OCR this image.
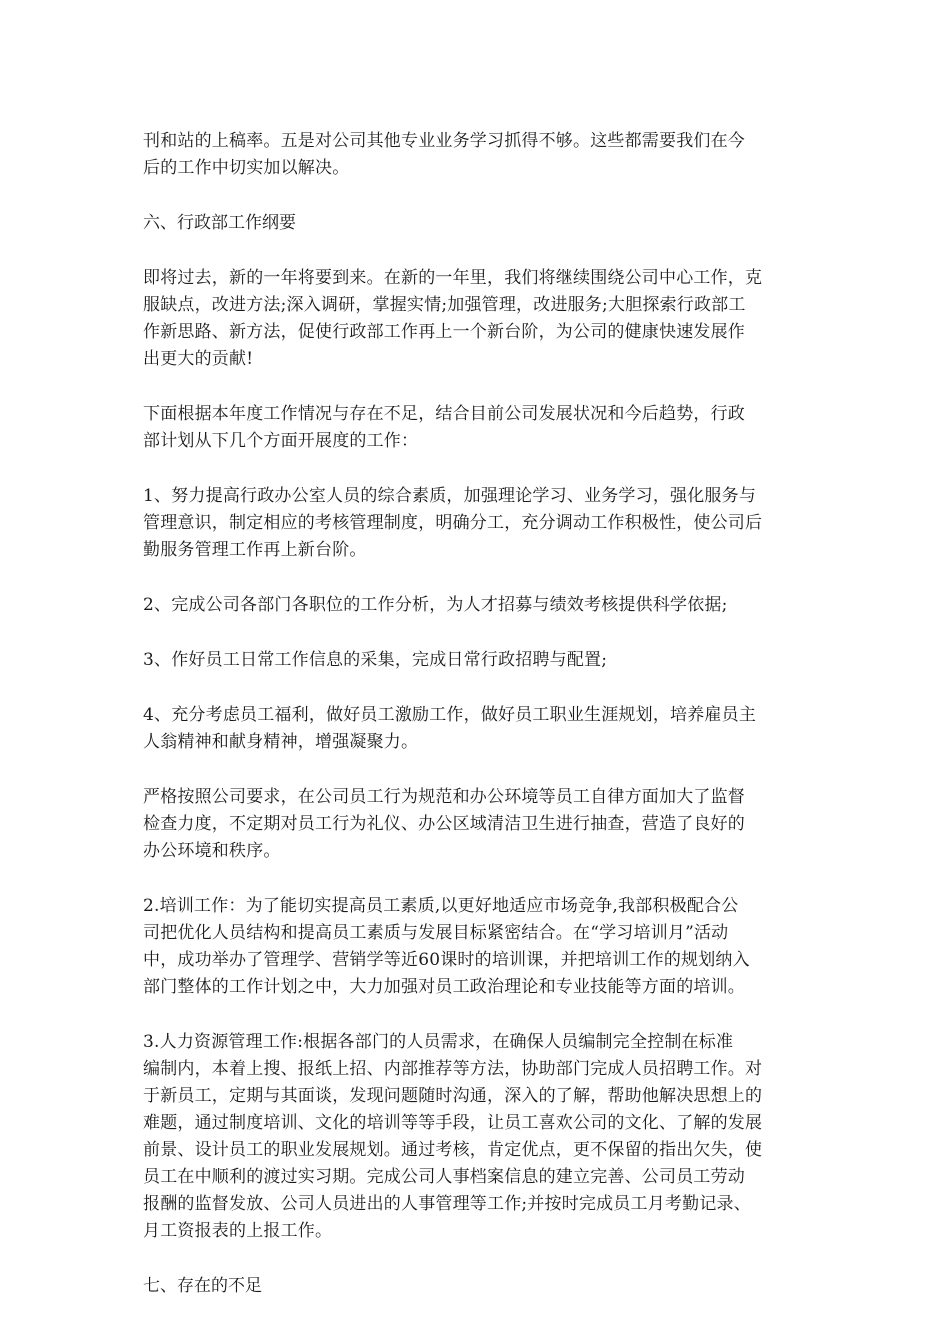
刊和站的上稿率。五是对公司其他专业业务学习抓得不够。这些都需要我们在今
后的工作中切实加以解决。

六、行政部工作纲要

即将过去，新的一年将要到来。在新的一年里，我们将继续围绕公司中心工作，克
服缺点，改进方法;深入调研，掌握实情;加强管理，改进服务;大胆探索行政部工
作新思路、新方法，促使行政部工作再上一个新台阶，为公司的健康快速发展作
出更大的贡献!

下面根据本年度工作情况与存在不足，结合目前公司发展状况和今后趋势，行政
部计划从下几个方面开展度的工作：

1、努力提高行政办公室人员的综合素质，加强理论学习、业务学习，强化服务与
管理意识，制定相应的考核管理制度，明确分工，充分调动工作积极性，使公司后
勤服务管理工作再上新台阶。

2、完成公司各部门各职位的工作分析，为人才招募与绩效考核提供科学依据;

3、作好员工日常工作信息的采集，完成日常行政招聘与配置;

4、充分考虑员工福利，做好员工激励工作，做好员工职业生涯规划，培养雇员主
人翁精神和献身精神，增强凝聚力。

严格按照公司要求，在公司员工行为规范和办公环境等员工自律方面加大了监督
检查力度，不定期对员工行为礼仪、办公区域清洁卫生进行抽查，营造了良好的
办公环境和秩序。

2.培训工作：为了能切实提高员工素质,以更好地适应市场竞争,我部积极配合公
司把优化人员结构和提高员工素质与发展目标紧密结合。在“学习培训月”活动
中，成功举办了管理学、营销学等近60课时的培训课，并把培训工作的规划纳入
部门整体的工作计划之中，大力加强对员工政治理论和专业技能等方面的培训。

3.人力资源管理工作:根据各部门的人员需求，在确保人员编制完全控制在标准
编制内，本着上搜、报纸上招、内部推荐等方法，协助部门完成人员招聘工作。对
于新员工，定期与其面谈，发现问题随时沟通，深入的了解，帮助他解决思想上的
难题，通过制度培训、文化的培训等等手段，让员工喜欢公司的文化、了解的发展
前景、设计员工的职业发展规划。通过考核，肯定优点，更不保留的指出欠失，使
员工在中顺利的渡过实习期。完成公司人事档案信息的建立完善、公司员工劳动
报酬的监督发放、公司人员进出的人事管理等工作;并按时完成员工月考勤记录、
月工资报表的上报工作。

七、存在的不足
